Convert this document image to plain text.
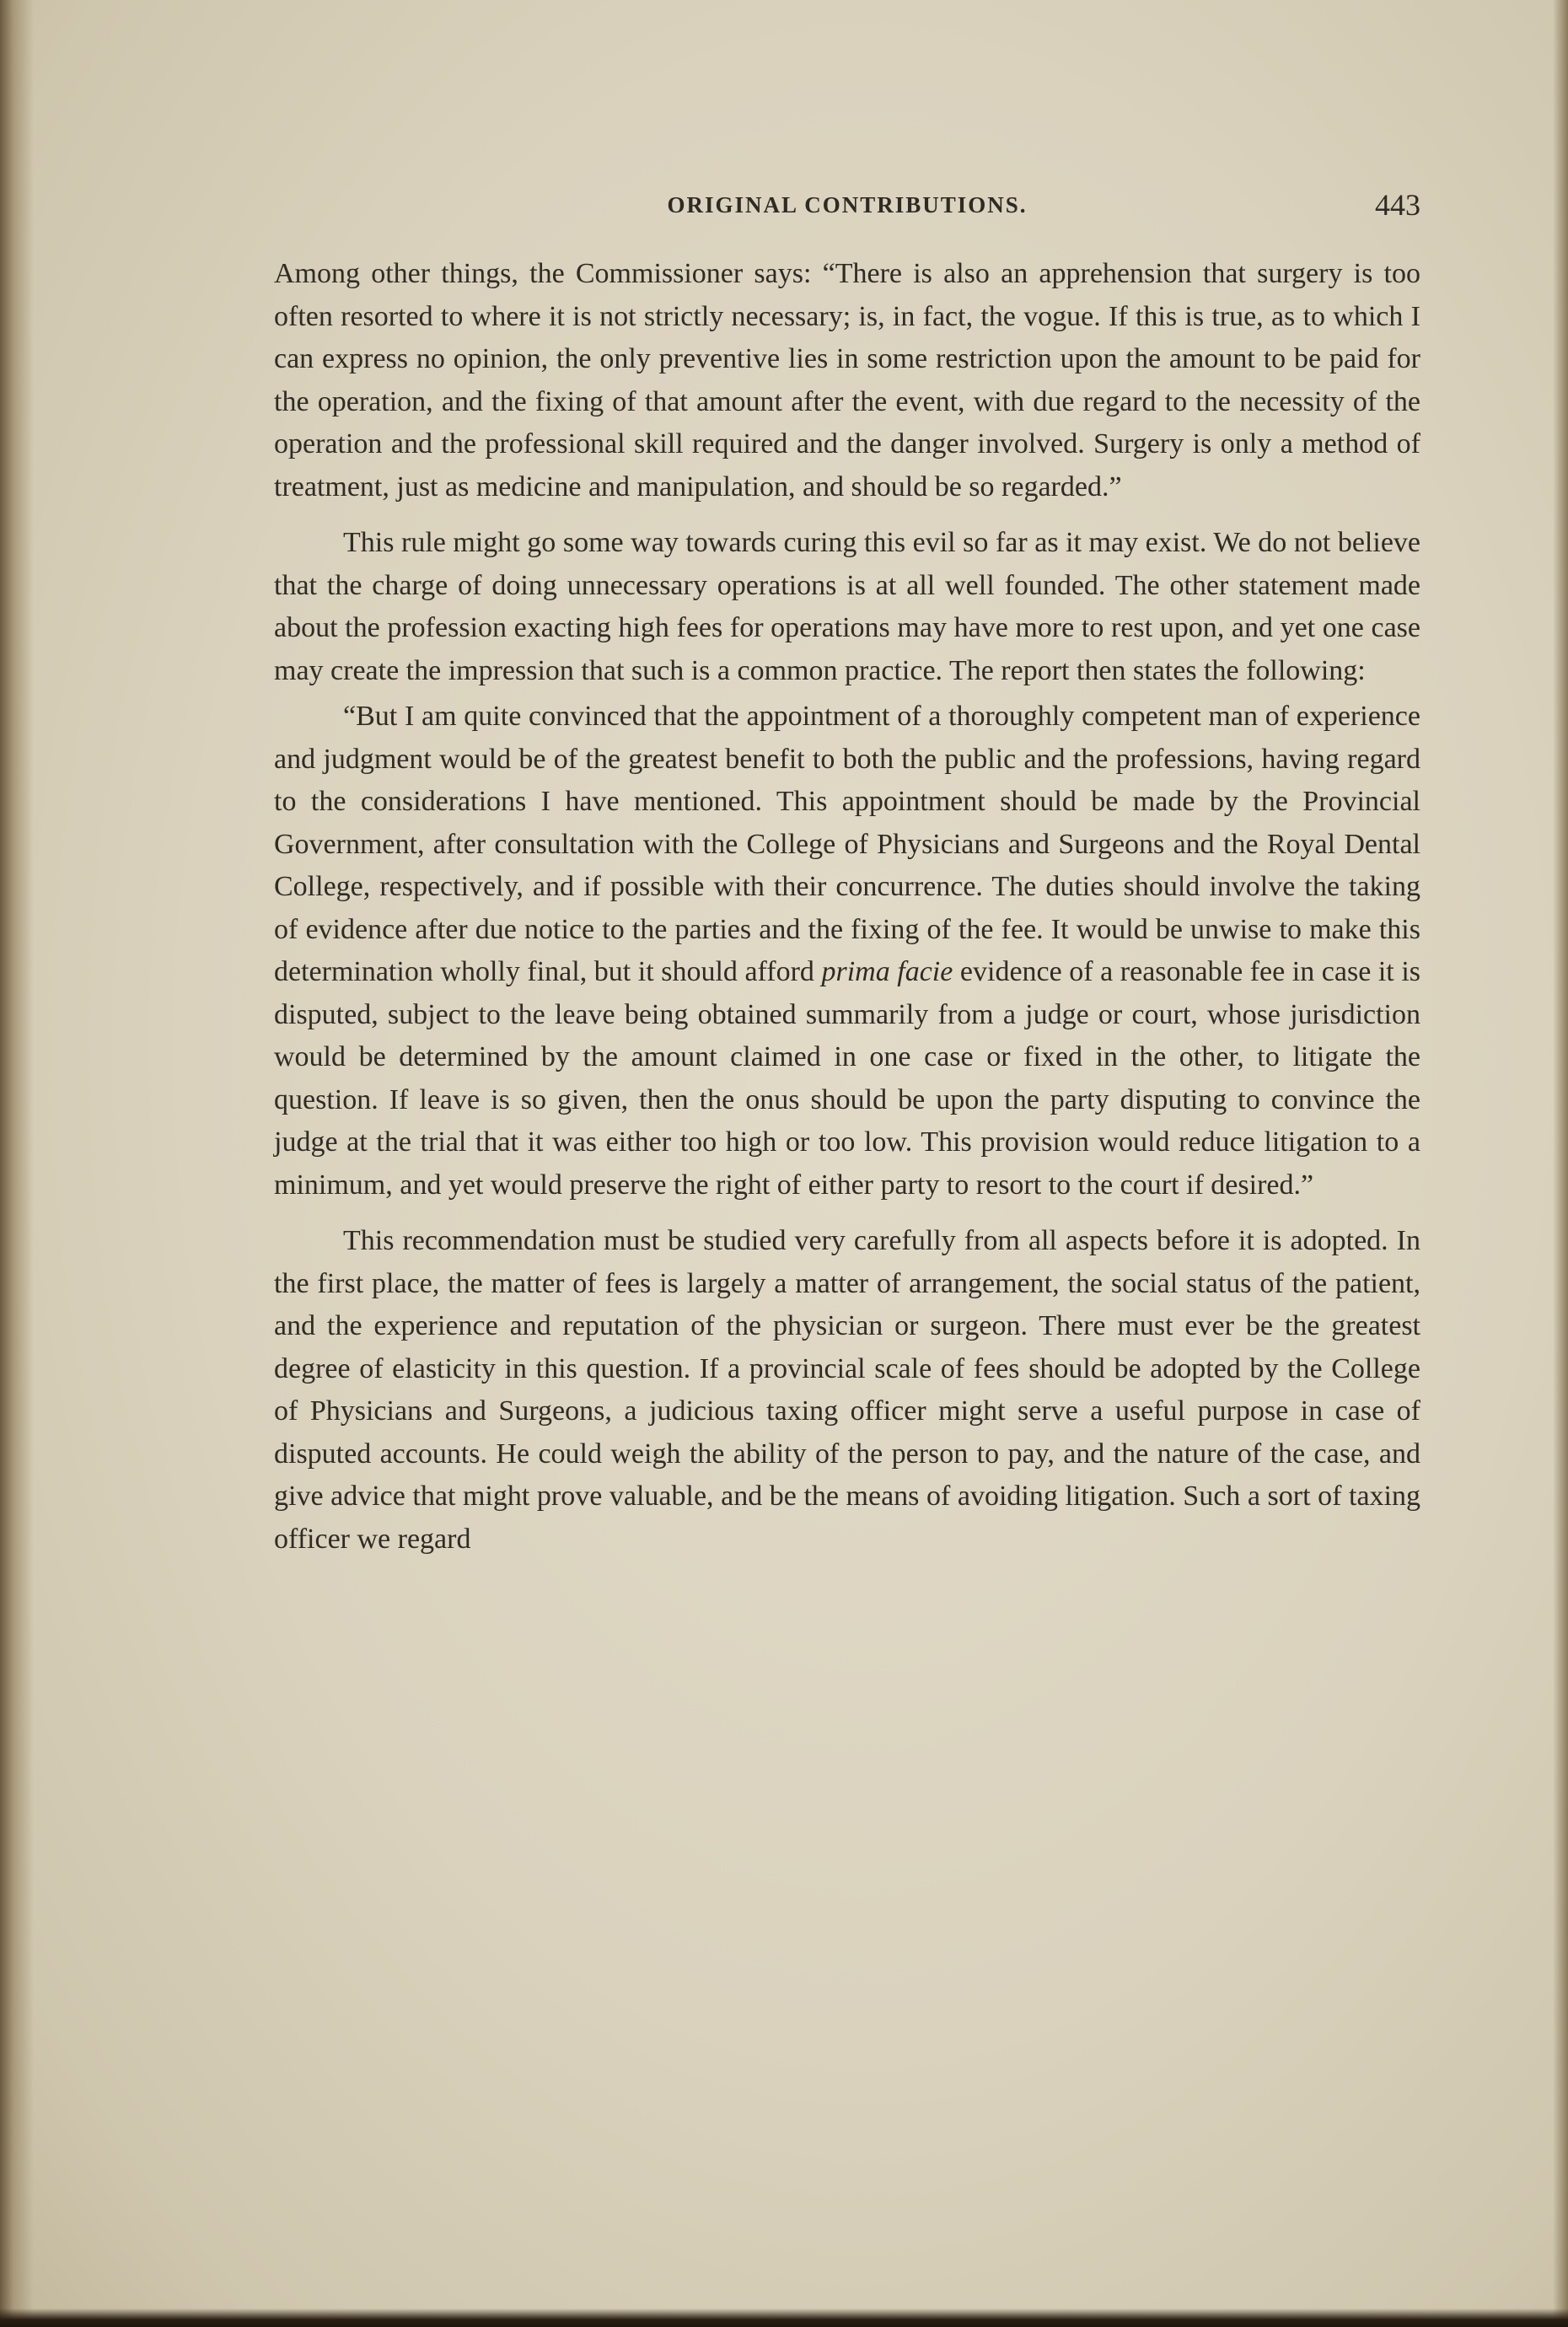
ORIGINAL CONTRIBUTIONS.	443

Among other things, the Commissioner says: “There is also an apprehension that surgery is too often resorted to where it is not strictly necessary; is, in fact, the vogue. If this is true, as to which I can express no opinion, the only preventive lies in some restriction upon the amount to be paid for the operation, and the fixing of that amount after the event, with due regard to the necessity of the operation and the professional skill required and the danger involved. Surgery is only a method of treatment, just as medicine and manipulation, and should be so regarded.”

This rule might go some way towards curing this evil so far as it may exist. We do not believe that the charge of doing unnecessary operations is at all well founded. The other statement made about the profession exacting high fees for operations may have more to rest upon, and yet one case may create the impression that such is a common practice. The report then states the following:

“But I am quite convinced that the appointment of a thoroughly competent man of experience and judgment would be of the greatest benefit to both the public and the professions, having regard to the considerations I have mentioned. This appointment should be made by the Provincial Government, after consultation with the College of Physicians and Surgeons and the Royal Dental College, respectively, and if possible with their concurrence. The duties should involve the taking of evidence after due notice to the parties and the fixing of the fee. It would be unwise to make this determination wholly final, but it should afford prima facie evidence of a reasonable fee in case it is disputed, subject to the leave being obtained summarily from a judge or court, whose jurisdiction would be determined by the amount claimed in one case or fixed in the other, to litigate the question. If leave is so given, then the onus should be upon the party disputing to convince the judge at the trial that it was either too high or too low. This provision would reduce litigation to a minimum, and yet would preserve the right of either party to resort to the court if desired.”

This recommendation must be studied very carefully from all aspects before it is adopted. In the first place, the matter of fees is largely a matter of arrangement, the social status of the patient, and the experience and reputation of the physician or surgeon. There must ever be the greatest degree of elasticity in this question. If a provincial scale of fees should be adopted by the College of Physicians and Surgeons, a judicious taxing officer might serve a useful purpose in case of disputed accounts. He could weigh the ability of the person to pay, and the nature of the case, and give advice that might prove valuable, and be the means of avoiding litigation. Such a sort of taxing officer we regard
